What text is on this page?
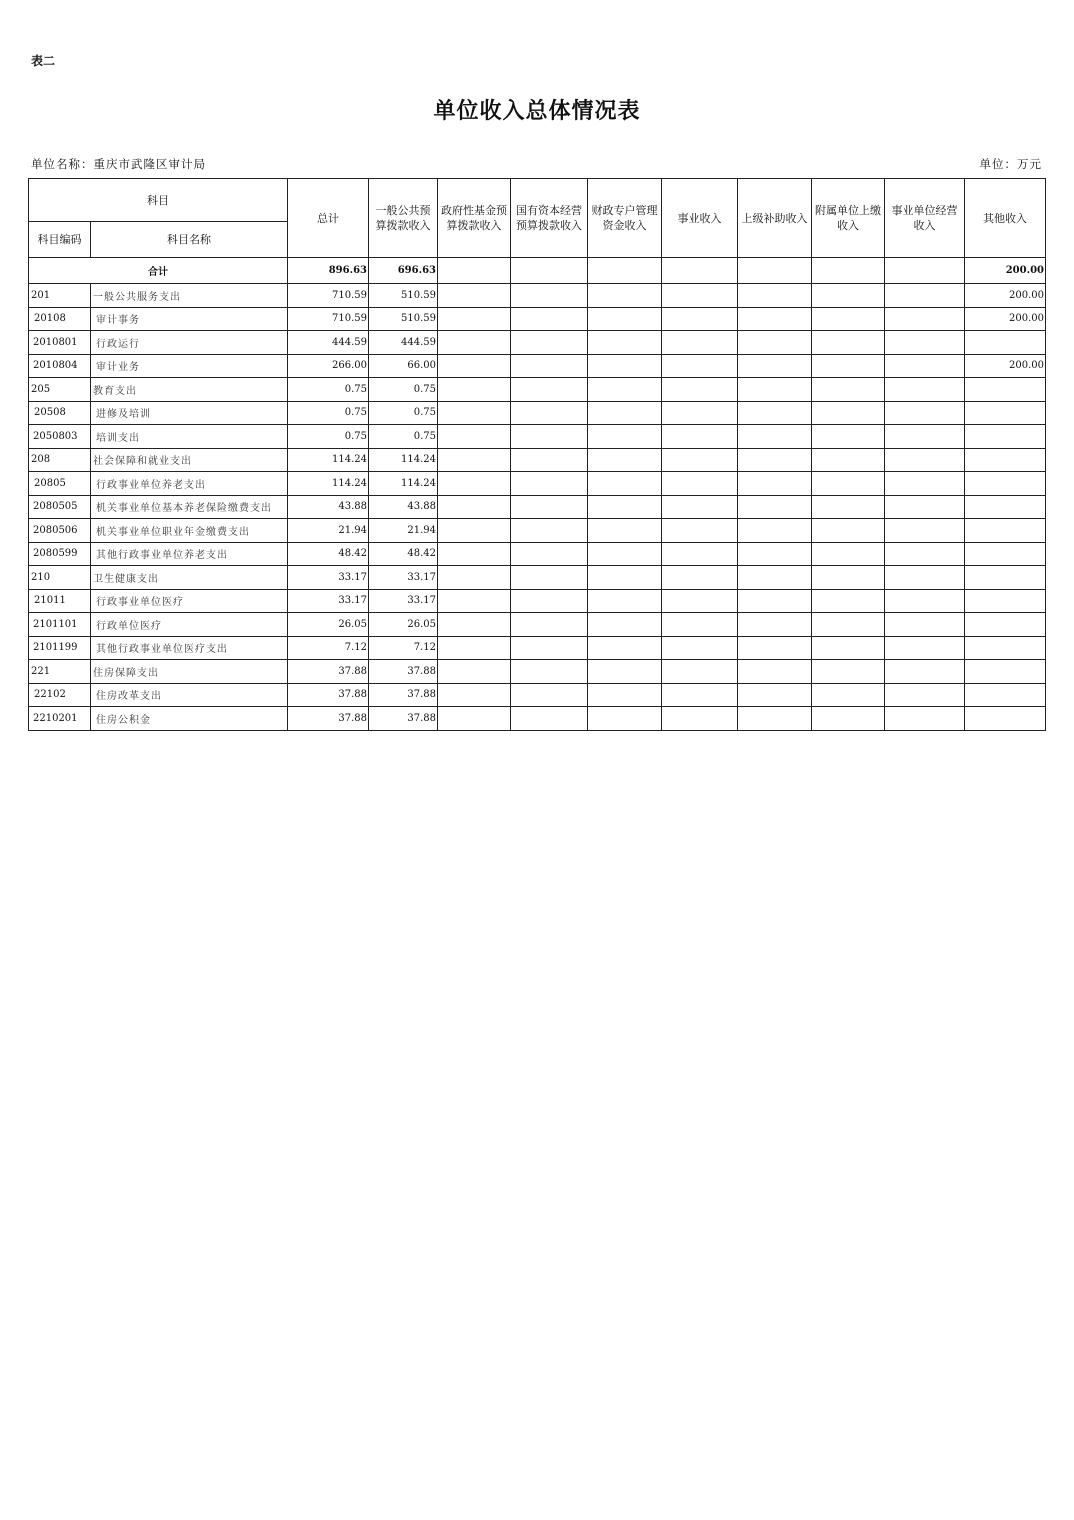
表二
单位收入总体情况表
单位名称：重庆市武隆区审计局	单位：万元
科目		总计	一般公共预算拨款收入	政府性基金预算拨款收入	国有资本经营预算拨款收入	财政专户管理资金收入	事业收入	上级补助收入	附属单位上缴收入	事业单位经营收入	其他收入
科目编码	科目名称										
合计		896.63	696.63								200.00
201	一般公共服务支出	710.59	510.59								200.00
20108	审计事务	710.59	510.59								200.00
2010801	行政运行	444.59	444.59								
2010804	审计业务	266.00	66.00								200.00
205	教育支出	0.75	0.75								
20508	进修及培训	0.75	0.75								
2050803	培训支出	0.75	0.75								
208	社会保障和就业支出	114.24	114.24								
20805	行政事业单位养老支出	114.24	114.24								
2080505	机关事业单位基本养老保险缴费支出	43.88	43.88								
2080506	机关事业单位职业年金缴费支出	21.94	21.94								
2080599	其他行政事业单位养老支出	48.42	48.42								
210	卫生健康支出	33.17	33.17								
21011	行政事业单位医疗	33.17	33.17								
2101101	行政单位医疗	26.05	26.05								
2101199	其他行政事业单位医疗支出	7.12	7.12								
221	住房保障支出	37.88	37.88								
22102	住房改革支出	37.88	37.88								
2210201	住房公积金	37.88	37.88								
